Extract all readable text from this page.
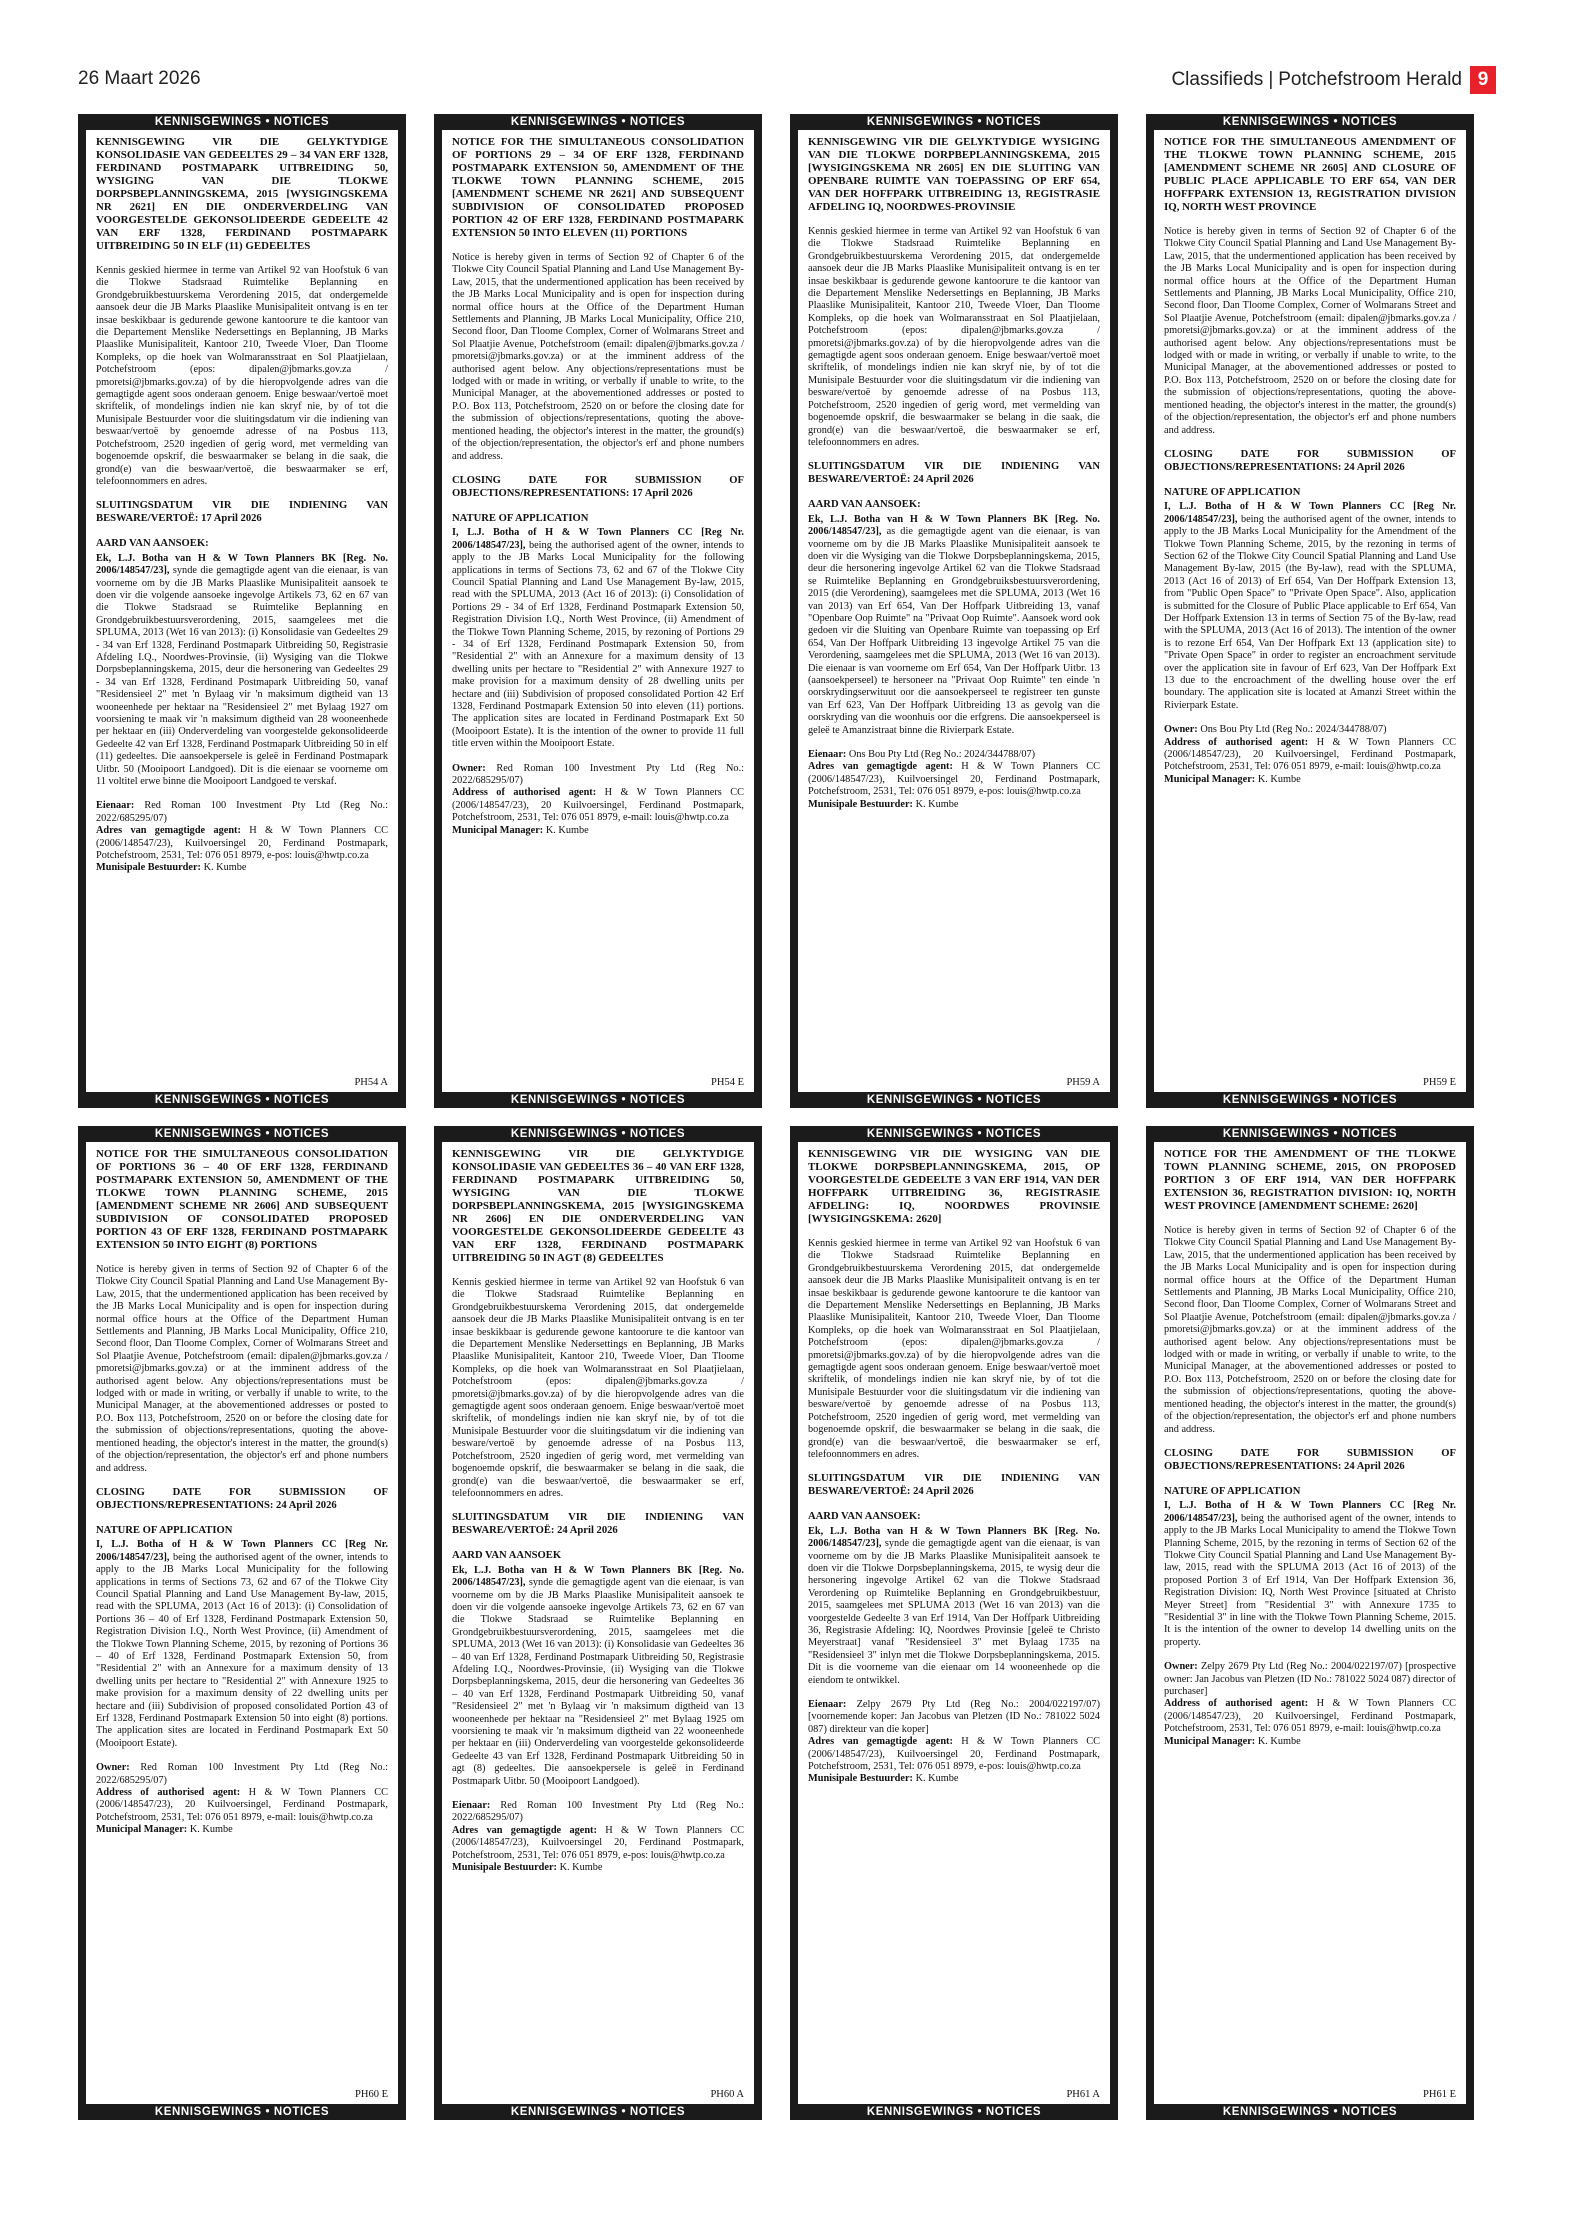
26 Maart 2026	Classifieds | Potchefstroom Herald 9
KENNISGEWINGS • NOTICES
KENNISGEWING VIR DIE GELYKTYDIGE KONSOLIDASIE VAN GEDEELTES 29 – 34 VAN ERF 1328, FERDINAND POSTMAPARK UITBREIDING 50, WYSIGING VAN DIE TLOKWE DORPSBEPLANNINGSKEMA, 2015 [WYSIGINGSKEMA NR 2621] EN DIE ONDERVERDELING VAN VOORGESTELDE GEKONSOLIDEERDE GEDEELTE 42 VAN ERF 1328, FERDINAND POSTMAPARK UITBREIDING 50 IN ELF (11) GEDEELTES

Kennis geskied hiermee in terme van Artikel 92 van Hoofstuk 6 van die Tlokwe Stadsraad Ruimtelike Beplanning en Grondgebruikbestuurskema Verordening 2015, dat ondergemelde aansoek deur die JB Marks Plaaslike Munisipaliteit ontvang is en ter insae beskikbaar is gedurende gewone kantoorure te die kantoor van die Departement Menslike Nedersettings en Beplanning, JB Marks Plaaslike Munisipaliteit, Kantoor 210, Tweede Vloer, Dan Tloome Kompleks, op die hoek van Wolmaransstraat en Sol Plaatjielaan, Potchefstroom (epos: dipalen@jbmarks.gov.za / pmoretsi@jbmarks.gov.za) of by die hieropvolgende adres van die gemagtigde agent soos onderaan genoem. Enige beswaar/vertoë moet skriftelik, of mondelings indien nie kan skryf nie, by of tot die Munisipale Bestuurder voor die sluitingsdatum vir die indiening van beswaar/vertoë by genoemde adresse of na Posbus 113, Potchefstroom, 2520 ingedien of gerig word, met vermelding van bogenoemde opskrif, die beswaarmaker se belang in die saak, die grond(e) van die beswaar/vertoë, die beswaarmaker se erf, telefoonnommers en adres.

SLUITINGSDATUM VIR DIE INDIENING VAN BESWARE/VERTOË: 17 April 2026
AARD VAN AANSOEK:

Ek, L.J. Botha van H & W Town Planners BK [Reg. No. 2006/148547/23], synde die gemagtigde agent van die eienaar, is van voorneme om by die JB Marks Plaaslike Munisipaliteit aansoek te doen vir die volgende aansoeke ingevolge Artikels 73, 62 en 67 van die Tlokwe Stadsraad se Ruimtelike Beplanning en Grondgebruikbestuursverordening, 2015, saamgelees met die SPLUMA, 2013 (Wet 16 van 2013): (i) Konsolidasie van Gedeeltes 29 - 34 van Erf 1328, Ferdinand Postmapark Uitbreiding 50, Registrasie Afdeling I.Q., Noordwes-Provinsie, (ii) Wysiging van die Tlokwe Dorpsbeplanningskema, 2015, deur die hersonering van Gedeeltes 29 - 34 van Erf 1328, Ferdinand Postmapark Uitbreiding 50, vanaf "Residensieel 2" met 'n Bylaag vir 'n maksimum digtheid van 13 wooneenhede per hektaar na "Residensieel 2" met Bylaag 1927 om voorsiening te maak vir 'n maksimum digtheid van 28 wooneenhede per hektaar en (iii) Onderverdeling van voorgestelde gekonsolideerde Gedeelte 42 van Erf 1328, Ferdinand Postmapark Uitbreiding 50 in elf (11) gedeeltes. Die aansoekpersele is geleë in Ferdinand Postmapark Uitbr. 50 (Mooipoort Landgoed). Dit is die eienaar se voorneme om 11 voltitel erwe binne die Mooipoort Landgoed te verskaf.

Eienaar: Red Roman 100 Investment Pty Ltd (Reg No.: 2022/685295/07)
Adres van gemagtigde agent: H & W Town Planners CC (2006/148547/23), Kuilvoersingel 20, Ferdinand Postmapark, Potchefstroom, 2531, Tel: 076 051 8979, e-pos: louis@hwtp.co.za
Munisipale Bestuurder: K. Kumbe
PH54 A
KENNISGEWINGS • NOTICES
KENNISGEWINGS • NOTICES
NOTICE FOR THE SIMULTANEOUS CONSOLIDATION OF PORTIONS 29 – 34 OF ERF 1328, FERDINAND POSTMAPARK EXTENSION 50, AMENDMENT OF THE TLOKWE TOWN PLANNING SCHEME, 2015 [AMENDMENT SCHEME NR 2621] AND SUBSEQUENT SUBDIVISION OF CONSOLIDATED PROPOSED PORTION 42 OF ERF 1328, FERDINAND POSTMAPARK EXTENSION 50 INTO ELEVEN (11) PORTIONS

Notice is hereby given in terms of Section 92 of Chapter 6 of the Tlokwe City Council Spatial Planning and Land Use Management By-Law, 2015, that the undermentioned application has been received by the JB Marks Local Municipality and is open for inspection during normal office hours at the Office of the Department Human Settlements and Planning, JB Marks Local Municipality, Office 210, Second floor, Dan Tloome Complex, Corner of Wolmarans Street and Sol Plaatjie Avenue, Potchefstroom (email: dipalen@jbmarks.gov.za / pmoretsi@jbmarks.gov.za) or at the imminent address of the authorised agent below. Any objections/representations must be lodged with or made in writing, or verbally if unable to write, to the Municipal Manager, at the abovementioned addresses or posted to P.O. Box 113, Potchefstroom, 2520 on or before the closing date for the submission of objections/representations, quoting the above-mentioned heading, the objector's interest in the matter, the ground(s) of the objection/representation, the objector's erf and phone numbers and address.

CLOSING DATE FOR SUBMISSION OF OBJECTIONS/REPRESENTATIONS: 17 April 2026
NATURE OF APPLICATION

I, L.J. Botha of H & W Town Planners CC [Reg Nr. 2006/148547/23], being the authorised agent of the owner, intends to apply to the JB Marks Local Municipality for the following applications in terms of Sections 73, 62 and 67 of the Tlokwe City Council Spatial Planning and Land Use Management By-law, 2015, read with the SPLUMA, 2013 (Act 16 of 2013): (i) Consolidation of Portions 29 - 34 of Erf 1328, Ferdinand Postmapark Extension 50, Registration Division I.Q., North West Province, (ii) Amendment of the Tlokwe Town Planning Scheme, 2015, by rezoning of Portions 29 - 34 of Erf 1328, Ferdinand Postmapark Extension 50, from "Residential 2" with an Annexure for a maximum density of 13 dwelling units per hectare to "Residential 2" with Annexure 1927 to make provision for a maximum density of 28 dwelling units per hectare and (iii) Subdivision of proposed consolidated Portion 42 Erf 1328, Ferdinand Postmapark Extension 50 into eleven (11) portions. The application sites are located in Ferdinand Postmapark Ext 50 (Mooipoort Estate). It is the intention of the owner to provide 11 full title erven within the Mooipoort Estate.

Owner: Red Roman 100 Investment Pty Ltd (Reg No.: 2022/685295/07)
Address of authorised agent: H & W Town Planners CC (2006/148547/23), 20 Kuilvoersingel, Ferdinand Postmapark, Potchefstroom, 2531, Tel: 076 051 8979, e-mail: louis@hwtp.co.za
Municipal Manager: K. Kumbe
PH54 E
KENNISGEWINGS • NOTICES
KENNISGEWINGS • NOTICES
KENNISGEWING VIR DIE GELYKTYDIGE WYSIGING VAN DIE TLOKWE DORPBEPLANNINGSKEMA, 2015 [WYSIGINGSKEMA NR 2605] EN DIE SLUITING VAN OPENBARE RUIMTE VAN TOEPASSING OP ERF 654, VAN DER HOFFPARK UITBREIDING 13, REGISTRASIE AFDELING IQ, NOORDWES-PROVINSIE

Kennis geskied hiermee in terme van Artikel 92 van Hoofstuk 6 van die Tlokwe Stadsraad Ruimtelike Beplanning en Grondgebruikbestuurskema Verordening 2015, dat ondergemelde aansoek deur die JB Marks Plaaslike Munisipaliteit ontvang is en ter insae beskikbaar is gedurende gewone kantoorure te die kantoor van die Departement Menslike Nedersettings en Beplanning, JB Marks Plaaslike Munisipaliteit, Kantoor 210, Tweede Vloer, Dan Tloome Kompleks, op die hoek van Wolmaransstraat en Sol Plaatjielaan, Potchefstroom (epos: dipalen@jbmarks.gov.za / pmoretsi@jbmarks.gov.za) of by die hieropvolgende adres van die gemagtigde agent soos onderaan genoem. Enige beswaar/vertoë moet skriftelik, of mondelings indien nie kan skryf nie, by of tot die Munisipale Bestuurder voor die sluitingsdatum vir die indiening van besware/vertoë by genoemde adresse of na Posbus 113, Potchefstroom, 2520 ingedien of gerig word, met vermelding van bogenoemde opskrif, die beswaarmaker se belang in die saak, die grond(e) van die beswaar/vertoë, die beswaarmaker se erf, telefoonnommers en adres.

SLUITINGSDATUM VIR DIE INDIENING VAN BESWARE/VERTOË: 24 April 2026
AARD VAN AANSOEK:

Ek, L.J. Botha van H & W Town Planners BK [Reg. No. 2006/148547/23], as die gemagtigde agent van die eienaar, is van voorneme om by die JB Marks Plaaslike Munisipaliteit aansoek te doen vir die Wysiging van die Tlokwe Dorpsbeplanningskema, 2015, deur die hersonering ingevolge Artikel 62 van die Tlokwe Stadsraad se Ruimtelike Beplanning en Grondgebruiksbestuursverordening, 2015 (die Verordening), saamgelees met die SPLUMA, 2013 (Wet 16 van 2013) van Erf 654, Van Der Hoffpark Uitbreiding 13, vanaf "Openbare Oop Ruimte" na "Privaat Oop Ruimte". Aansoek word ook gedoen vir die Sluiting van Openbare Ruimte van toepassing op Erf 654, Van Der Hoffpark Uitbreiding 13 ingevolge Artikel 75 van die Verordening, saamgelees met die SPLUMA, 2013 (Wet 16 van 2013). Die eienaar is van voorneme om Erf 654, Van Der Hoffpark Uitbr. 13 (aansoekperseel) te hersoneer na "Privaat Oop Ruimte" ten einde 'n oorskrydingserwituut oor die aansoekperseel te registreer ten gunste van Erf 623, Van Der Hoffpark Uitbreiding 13 as gevolg van die oorskryding van die woonhuis oor die erfgrens. Die aansoekperseel is geleë te Amanzistraat binne die Rivierpark Estate.

Eienaar: Ons Bou Pty Ltd (Reg No.: 2024/344788/07)
Adres van gemagtigde agent: H & W Town Planners CC (2006/148547/23), Kuilvoersingel 20, Ferdinand Postmapark, Potchefstroom, 2531, Tel: 076 051 8979, e-pos: louis@hwtp.co.za
Munisipale Bestuurder: K. Kumbe
PH59 A
KENNISGEWINGS • NOTICES
KENNISGEWINGS • NOTICES
NOTICE FOR THE SIMULTANEOUS AMENDMENT OF THE TLOKWE TOWN PLANNING SCHEME, 2015 [AMENDMENT SCHEME NR 2605] AND CLOSURE OF PUBLIC PLACE APPLICABLE TO ERF 654, VAN DER HOFFPARK EXTENSION 13, REGISTRATION DIVISION IQ, NORTH WEST PROVINCE

Notice is hereby given in terms of Section 92 of Chapter 6 of the Tlokwe City Council Spatial Planning and Land Use Management By-Law, 2015, that the undermentioned application has been received by the JB Marks Local Municipality and is open for inspection during normal office hours at the Office of the Department Human Settlements and Planning, JB Marks Local Municipality, Office 210, Second floor, Dan Tloome Complex, Corner of Wolmarans Street and Sol Plaatjie Avenue, Potchefstroom (email: dipalen@jbmarks.gov.za / pmoretsi@jbmarks.gov.za) or at the imminent address of the authorised agent below. Any objections/representations must be lodged with or made in writing, or verbally if unable to write, to the Municipal Manager, at the abovementioned addresses or posted to P.O. Box 113, Potchefstroom, 2520 on or before the closing date for the submission of objections/representations, quoting the above-mentioned heading, the objector's interest in the matter, the ground(s) of the objection/representation, the objector's erf and phone numbers and address.

CLOSING DATE FOR SUBMISSION OF OBJECTIONS/REPRESENTATIONS: 24 April 2026
NATURE OF APPLICATION

I, L.J. Botha of H & W Town Planners CC [Reg Nr. 2006/148547/23], being the authorised agent of the owner, intends to apply to the JB Marks Local Municipality for the Amendment of the Tlokwe Town Planning Scheme, 2015, by the rezoning in terms of Section 62 of the Tlokwe City Council Spatial Planning and Land Use Management By-law, 2015 (the By-law), read with the SPLUMA, 2013 (Act 16 of 2013) of Erf 654, Van Der Hoffpark Extension 13, from "Public Open Space" to "Private Open Space". Also, application is submitted for the Closure of Public Place applicable to Erf 654, Van Der Hoffpark Extension 13 in terms of Section 75 of the By-law, read with the SPLUMA, 2013 (Act 16 of 2013). The intention of the owner is to rezone Erf 654, Van Der Hoffpark Ext 13 (application site) to "Private Open Space" in order to register an encroachment servitude over the application site in favour of Erf 623, Van Der Hoffpark Ext 13 due to the encroachment of the dwelling house over the erf boundary. The application site is located at Amanzi Street within the Rivierpark Estate.

Owner: Ons Bou Pty Ltd (Reg No.: 2024/344788/07)
Address of authorised agent: H & W Town Planners CC (2006/148547/23), 20 Kuilvoersingel, Ferdinand Postmapark, Potchefstroom, 2531, Tel: 076 051 8979, e-mail: louis@hwtp.co.za
Municipal Manager: K. Kumbe
PH59 E
KENNISGEWINGS • NOTICES
KENNISGEWINGS • NOTICES
NOTICE FOR THE SIMULTANEOUS CONSOLIDATION OF PORTIONS 36 – 40 OF ERF 1328, FERDINAND POSTMAPARK EXTENSION 50, AMENDMENT OF THE TLOKWE TOWN PLANNING SCHEME, 2015 [AMENDMENT SCHEME NR 2606] AND SUBSEQUENT SUBDIVISION OF CONSOLIDATED PROPOSED PORTION 43 OF ERF 1328, FERDINAND POSTMAPARK EXTENSION 50 INTO EIGHT (8) PORTIONS

Notice is hereby given in terms of Section 92 of Chapter 6 of the Tlokwe City Council Spatial Planning and Land Use Management By-Law, 2015, that the undermentioned application has been received by the JB Marks Local Municipality and is open for inspection during normal office hours at the Office of the Department Human Settlements and Planning, JB Marks Local Municipality, Office 210, Second floor, Dan Tloome Complex, Corner of Wolmarans Street and Sol Plaatjie Avenue, Potchefstroom (email: dipalen@jbmarks.gov.za / pmoretsi@jbmarks.gov.za) or at the imminent address of the authorised agent below. Any objections/representations must be lodged with or made in writing, or verbally if unable to write, to the Municipal Manager, at the abovementioned addresses or posted to P.O. Box 113, Potchefstroom, 2520 on or before the closing date for the submission of objections/representations, quoting the above-mentioned heading, the objector's interest in the matter, the ground(s) of the objection/representation, the objector's erf and phone numbers and address.

CLOSING DATE FOR SUBMISSION OF OBJECTIONS/REPRESENTATIONS: 24 April 2026
NATURE OF APPLICATION

I, L.J. Botha of H & W Town Planners CC [Reg Nr. 2006/148547/23], being the authorised agent of the owner, intends to apply to the JB Marks Local Municipality for the following applications in terms of Sections 73, 62 and 67 of the Tlokwe City Council Spatial Planning and Land Use Management By-law, 2015, read with the SPLUMA, 2013 (Act 16 of 2013): (i) Consolidation of Portions 36 – 40 of Erf 1328, Ferdinand Postmapark Extension 50, Registration Division I.Q., North West Province, (ii) Amendment of the Tlokwe Town Planning Scheme, 2015, by rezoning of Portions 36 – 40 of Erf 1328, Ferdinand Postmapark Extension 50, from "Residential 2" with an Annexure for a maximum density of 13 dwelling units per hectare to "Residential 2" with Annexure 1925 to make provision for a maximum density of 22 dwelling units per hectare and (iii) Subdivision of proposed consolidated Portion 43 of Erf 1328, Ferdinand Postmapark Extension 50 into eight (8) portions. The application sites are located in Ferdinand Postmapark Ext 50 (Mooipoort Estate).

Owner: Red Roman 100 Investment Pty Ltd (Reg No.: 2022/685295/07)
Address of authorised agent: H & W Town Planners CC (2006/148547/23), 20 Kuilvoersingel, Ferdinand Postmapark, Potchefstroom, 2531, Tel: 076 051 8979, e-mail: louis@hwtp.co.za
Municipal Manager: K. Kumbe
PH60 E
KENNISGEWINGS • NOTICES
KENNISGEWINGS • NOTICES
KENNISGEWING VIR DIE GELYKTYDIGE KONSOLIDASIE VAN GEDEELTES 36 – 40 VAN ERF 1328, FERDINAND POSTMAPARK UITBREIDING 50, WYSIGING VAN DIE TLOKWE DORPSBEPLANNINGSKEMA, 2015 [WYSIGINGSKEMA NR 2606] EN DIE ONDERVERDELING VAN VOORGESTELDE GEKONSOLIDEERDE GEDEELTE 43 VAN ERF 1328, FERDINAND POSTMAPARK UITBREIDING 50 IN AGT (8) GEDEELTES

Kennis geskied hiermee in terme van Artikel 92 van Hoofstuk 6 van die Tlokwe Stadsraad Ruimtelike Beplanning en Grondgebruikbestuurskema Verordening 2015, dat ondergemelde aansoek deur die JB Marks Plaaslike Munisipaliteit ontvang is en ter insae beskikbaar is gedurende gewone kantoorure te die kantoor van die Departement Menslike Nedersettings en Beplanning, JB Marks Plaaslike Munisipaliteit, Kantoor 210, Tweede Vloer, Dan Tloome Kompleks, op die hoek van Wolmaransstraat en Sol Plaatjielaan, Potchefstroom (epos: dipalen@jbmarks.gov.za / pmoretsi@jbmarks.gov.za) of by die hieropvolgende adres van die gemagtigde agent soos onderaan genoem. Enige beswaar/vertoë moet skriftelik, of mondelings indien nie kan skryf nie, by of tot die Munisipale Bestuurder voor die sluitingsdatum vir die indiening van besware/vertoë by genoemde adresse of na Posbus 113, Potchefstroom, 2520 ingedien of gerig word, met vermelding van bogenoemde opskrif, die beswaarmaker se belang in die saak, die grond(e) van die beswaar/vertoë, die beswaarmaker se erf, telefoonnommers en adres.

SLUITINGSDATUM VIR DIE INDIENING VAN BESWARE/VERTOË: 24 April 2026
AARD VAN AANSOEK

Ek, L.J. Botha van H & W Town Planners BK [Reg. No. 2006/148547/23], synde die gemagtigde agent van die eienaar, is van voorneme om by die JB Marks Plaaslike Munisipaliteit aansoek te doen vir die volgende aansoeke ingevolge Artikels 73, 62 en 67 van die Tlokwe Stadsraad se Ruimtelike Beplanning en Grondgebruikbestuursverordening, 2015, saamgelees met die SPLUMA, 2013 (Wet 16 van 2013): (i) Konsolidasie van Gedeeltes 36 – 40 van Erf 1328, Ferdinand Postmapark Uitbreiding 50, Registrasie Afdeling I.Q., Noordwes-Provinsie, (ii) Wysiging van die Tlokwe Dorpsbeplanningskema, 2015, deur die hersonering van Gedeeltes 36 – 40 van Erf 1328, Ferdinand Postmapark Uitbreiding 50, vanaf "Residensieel 2" met 'n Bylaag vir 'n maksimum digtheid van 13 wooneenhede per hektaar na "Residensieel 2" met Bylaag 1925 om voorsiening te maak vir 'n maksimum digtheid van 22 wooneenhede per hektaar en (iii) Onderverdeling van voorgestelde gekonsolideerde Gedeelte 43 van Erf 1328, Ferdinand Postmapark Uitbreiding 50 in agt (8) gedeeltes. Die aansoekpersele is geleë in Ferdinand Postmapark Uitbr. 50 (Mooipoort Landgoed).

Eienaar: Red Roman 100 Investment Pty Ltd (Reg No.: 2022/685295/07)
Adres van gemagtigde agent: H & W Town Planners CC (2006/148547/23), Kuilvoersingel 20, Ferdinand Postmapark, Potchefstroom, 2531, Tel: 076 051 8979, e-pos: louis@hwtp.co.za
Munisipale Bestuurder: K. Kumbe
PH60 A
KENNISGEWINGS • NOTICES
KENNISGEWINGS • NOTICES
KENNISGEWING VIR DIE WYSIGING VAN DIE TLOKWE DORPSBEPLANNINGSKEMA, 2015, OP VOORGESTELDE GEDEELTE 3 VAN ERF 1914, VAN DER HOFFPARK UITBREIDING 36, REGISTRASIE AFDELING: IQ, NOORDWES PROVINSIE [WYSIGINGSKEMA: 2620]

Kennis geskied hiermee in terme van Artikel 92 van Hoofstuk 6 van die Tlokwe Stadsraad Ruimtelike Beplanning en Grondgebruikbestuurskema Verordening 2015, dat ondergemelde aansoek deur die JB Marks Plaaslike Munisipaliteit ontvang is en ter insae beskikbaar is gedurende gewone kantoorure te die kantoor van die Departement Menslike Nedersettings en Beplanning, JB Marks Plaaslike Munisipaliteit, Kantoor 210, Tweede Vloer, Dan Tloome Kompleks, op die hoek van Wolmaransstraat en Sol Plaatjielaan, Potchefstroom (epos: dipalen@jbmarks.gov.za / pmoretsi@jbmarks.gov.za) of by die hieropvolgende adres van die gemagtigde agent soos onderaan genoem. Enige beswaar/vertoë moet skriftelik, of mondelings indien nie kan skryf nie, by of tot die Munisipale Bestuurder voor die sluitingsdatum vir die indiening van besware/vertoë by genoemde adresse of na Posbus 113, Potchefstroom, 2520 ingedien of gerig word, met vermelding van bogenoemde opskrif, die beswaarmaker se belang in die saak, die grond(e) van die beswaar/vertoë, die beswaarmaker se erf, telefoonnommers en adres.

SLUITINGSDATUM VIR DIE INDIENING VAN BESWARE/VERTOË: 24 April 2026
AARD VAN AANSOEK:

Ek, L.J. Botha van H & W Town Planners BK [Reg. No. 2006/148547/23], synde die gemagtigde agent van die eienaar, is van voorneme om by die JB Marks Plaaslike Munisipaliteit aansoek te doen vir die Tlokwe Dorpsbeplanningskema, 2015, te wysig deur die hersonering ingevolge Artikel 62 van die Tlokwe Stadsraad Verordening op Ruimtelike Beplanning en Grondgebruikbestuur, 2015, saamgelees met SPLUMA 2013 (Wet 16 van 2013) van die voorgestelde Gedeelte 3 van Erf 1914, Van Der Hoffpark Uitbreiding 36, Registrasie Afdeling: IQ, Noordwes Provinsie [geleë te Christo Meyerstraat] vanaf "Residensieel 3" met Bylaag 1735 na "Residensieel 3" inlyn met die Tlokwe Dorpsbeplanningskema, 2015. Dit is die voorneme van die eienaar om 14 wooneenhede op die eiendom te ontwikkel.

Eienaar: Zelpy 2679 Pty Ltd (Reg No.: 2004/022197/07) [voornemende koper: Jan Jacobus van Pletzen (ID No.: 781022 5024 087) direkteur van die koper]
Adres van gemagtigde agent: H & W Town Planners CC (2006/148547/23), Kuilvoersingel 20, Ferdinand Postmapark, Potchefstroom, 2531, Tel: 076 051 8979, e-pos: louis@hwtp.co.za
Munisipale Bestuurder: K. Kumbe
PH61 A
KENNISGEWINGS • NOTICES
KENNISGEWINGS • NOTICES
NOTICE FOR THE AMENDMENT OF THE TLOKWE TOWN PLANNING SCHEME, 2015, ON PROPOSED PORTION 3 OF ERF 1914, VAN DER HOFFPARK EXTENSION 36, REGISTRATION DIVISION: IQ, NORTH WEST PROVINCE [AMENDMENT SCHEME: 2620]

Notice is hereby given in terms of Section 92 of Chapter 6 of the Tlokwe City Council Spatial Planning and Land Use Management By-Law, 2015, that the undermentioned application has been received by the JB Marks Local Municipality and is open for inspection during normal office hours at the Office of the Department Human Settlements and Planning, JB Marks Local Municipality, Office 210, Second floor, Dan Tloome Complex, Corner of Wolmarans Street and Sol Plaatjie Avenue, Potchefstroom (email: dipalen@jbmarks.gov.za / pmoretsi@jbmarks.gov.za) or at the imminent address of the authorised agent below. Any objections/representations must be lodged with or made in writing, or verbally if unable to write, to the Municipal Manager, at the abovementioned addresses or posted to P.O. Box 113, Potchefstroom, 2520 on or before the closing date for the submission of objections/representations, quoting the above-mentioned heading, the objector's interest in the matter, the ground(s) of the objection/representation, the objector's erf and phone numbers and address.

CLOSING DATE FOR SUBMISSION OF OBJECTIONS/REPRESENTATIONS: 24 April 2026
NATURE OF APPLICATION

I, L.J. Botha of H & W Town Planners CC [Reg Nr. 2006/148547/23], being the authorised agent of the owner, intends to apply to the JB Marks Local Municipality to amend the Tlokwe Town Planning Scheme, 2015, by the rezoning in terms of Section 62 of the Tlokwe City Council Spatial Planning and Land Use Management By-law, 2015, read with the SPLUMA 2013 (Act 16 of 2013) of the proposed Portion 3 of Erf 1914, Van Der Hoffpark Extension 36, Registration Division: IQ, North West Province [situated at Christo Meyer Street] from "Residential 3" with Annexure 1735 to "Residential 3" in line with the Tlokwe Town Planning Scheme, 2015. It is the intention of the owner to develop 14 dwelling units on the property.

Owner: Zelpy 2679 Pty Ltd (Reg No.: 2004/022197/07) [prospective owner: Jan Jacobus van Pletzen (ID No.: 781022 5024 087) director of purchaser]
Address of authorised agent: H & W Town Planners CC (2006/148547/23), 20 Kuilvoersingel, Ferdinand Postmapark, Potchefstroom, 2531, Tel: 076 051 8979, e-mail: louis@hwtp.co.za
Municipal Manager: K. Kumbe
PH61 E
KENNISGEWINGS • NOTICES
